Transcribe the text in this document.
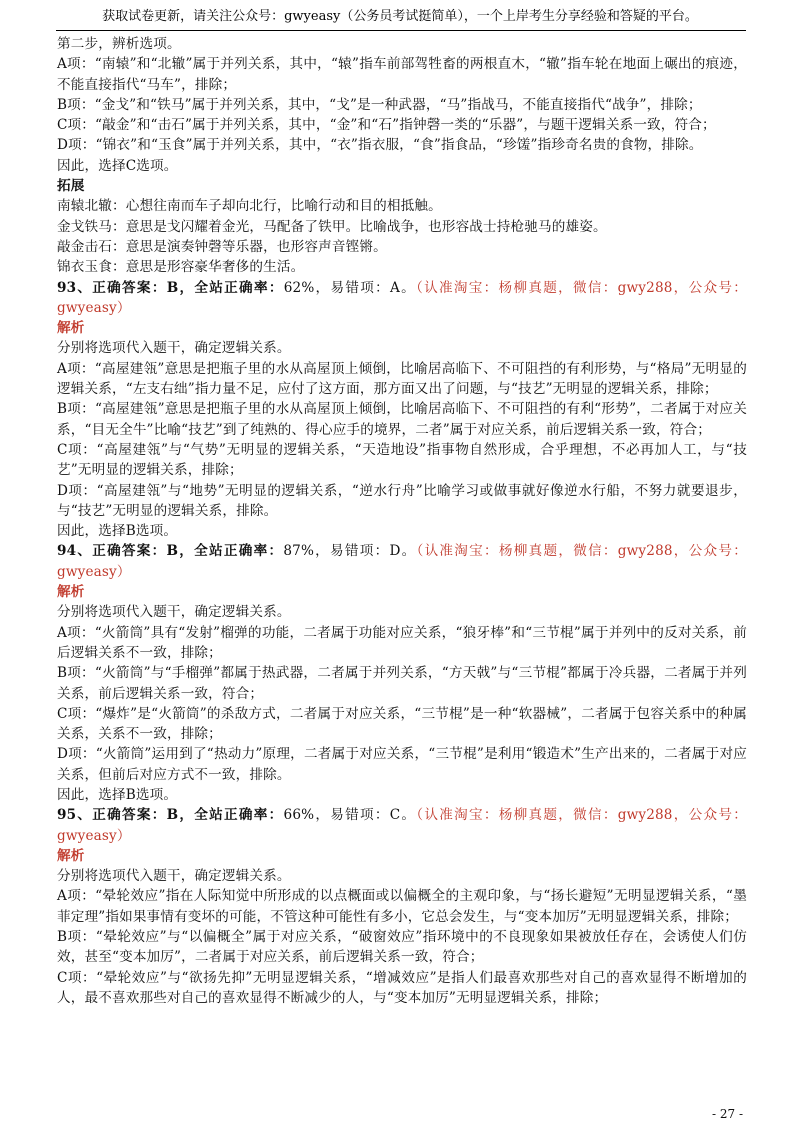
获取试卷更新，请关注公众号：gwyeasy（公务员考试挺简单），一个上岸考生分享经验和答疑的平台。

第二步，辨析选项。

A项：“南辕”和“北辙”属于并列关系，其中，“辕”指车前部驾牲畜的两根直木，“辙”指车轮在地面上碾出的痕迹，不能直接指代“马车”，排除；

B项：“金戈”和“铁马”属于并列关系，其中，“戈”是一种武器，“马”指战马，不能直接指代“战争”，排除；

C项：“敲金”和“击石”属于并列关系，其中，“金”和“石”指钟磬一类的“乐器”，与题干逻辑关系一致，符合；

D项：“锦衣”和“玉食”属于并列关系，其中，“衣”指衣服，“食”指食品，“珍馐”指珍奇名贵的食物，排除。

因此，选择C选项。

拓展

南辕北辙：心想往南而车子却向北行，比喻行动和目的相抵触。

金戈铁马：意思是戈闪耀着金光，马配备了铁甲。比喻战争，也形容战士持枪驰马的雄姿。

敲金击石：意思是演奏钟磬等乐器，也形容声音铿锵。

锦衣玉食：意思是形容豪华奢侈的生活。

93、正确答案：B，全站正确率：62%，易错项：A。（认准淘宝：杨柳真题，微信：gwy288，公众号：gwyeasy）

解析

分别将选项代入题干，确定逻辑关系。

A项：“高屋建瓴”意思是把瓶子里的水从高屋顶上倾倒，比喻居高临下、不可阻挡的有利形势，与“格局”无明显的逻辑关系，“左支右绌”指力量不足，应付了这方面，那方面又出了问题，与“技艺”无明显的逻辑关系，排除；

B项：“高屋建瓴”意思是把瓶子里的水从高屋顶上倾倒，比喻居高临下、不可阻挡的有利“形势”，二者属于对应关系，“目无全牛”比喻“技艺”到了纯熟的、得心应手的境界，二者”属于对应关系，前后逻辑关系一致，符合；

C项：“高屋建瓴”与“气势”无明显的逻辑关系，“天造地设”指事物自然形成，合乎理想，不必再加人工，与“技艺”无明显的逻辑关系，排除；

D项：“高屋建瓴”与“地势”无明显的逻辑关系，“逆水行舟”比喻学习或做事就好像逆水行船，不努力就要退步，与“技艺”无明显的逻辑关系，排除。

因此，选择B选项。

94、正确答案：B，全站正确率：87%，易错项：D。（认准淘宝：杨柳真题，微信：gwy288，公众号：gwyeasy）

解析

分别将选项代入题干，确定逻辑关系。

A项：“火箭筒”具有“发射”榴弹的功能，二者属于功能对应关系，“狼牙棒”和“三节棍”属于并列中的反对关系，前后逻辑关系不一致，排除；

B项：“火箭筒”与“手榴弹”都属于热武器，二者属于并列关系，“方天戟”与“三节棍”都属于冷兵器，二者属于并列关系，前后逻辑关系一致，符合；

C项：“爆炸”是“火箭筒”的杀敌方式，二者属于对应关系，“三节棍”是一种“软器械”，二者属于包容关系中的种属关系，关系不一致，排除；

D项：“火箭筒”运用到了“热动力”原理，二者属于对应关系，“三节棍”是利用“锻造术”生产出来的，二者属于对应关系，但前后对应方式不一致，排除。

因此，选择B选项。

95、正确答案：B，全站正确率：66%，易错项：C。（认准淘宝：杨柳真题，微信：gwy288，公众号：gwyeasy）

解析

分别将选项代入题干，确定逻辑关系。

A项：“晕轮效应”指在人际知觉中所形成的以点概面或以偏概全的主观印象，与“扬长避短”无明显逻辑关系，“墨菲定理”指如果事情有变坏的可能，不管这种可能性有多小，它总会发生，与“变本加厉”无明显逻辑关系，排除；

B项：“晕轮效应”与“以偏概全”属于对应关系，“破窗效应”指环境中的不良现象如果被放任存在，会诱使人们仿效，甚至“变本加厉”，二者属于对应关系，前后逻辑关系一致，符合；

C项：“晕轮效应”与“欲扬先抑”无明显逻辑关系，“增减效应”是指人们最喜欢那些对自己的喜欢显得不断增加的人，最不喜欢那些对自己的喜欢显得不断减少的人，与“变本加厉”无明显逻辑关系，排除；

- 27 -
